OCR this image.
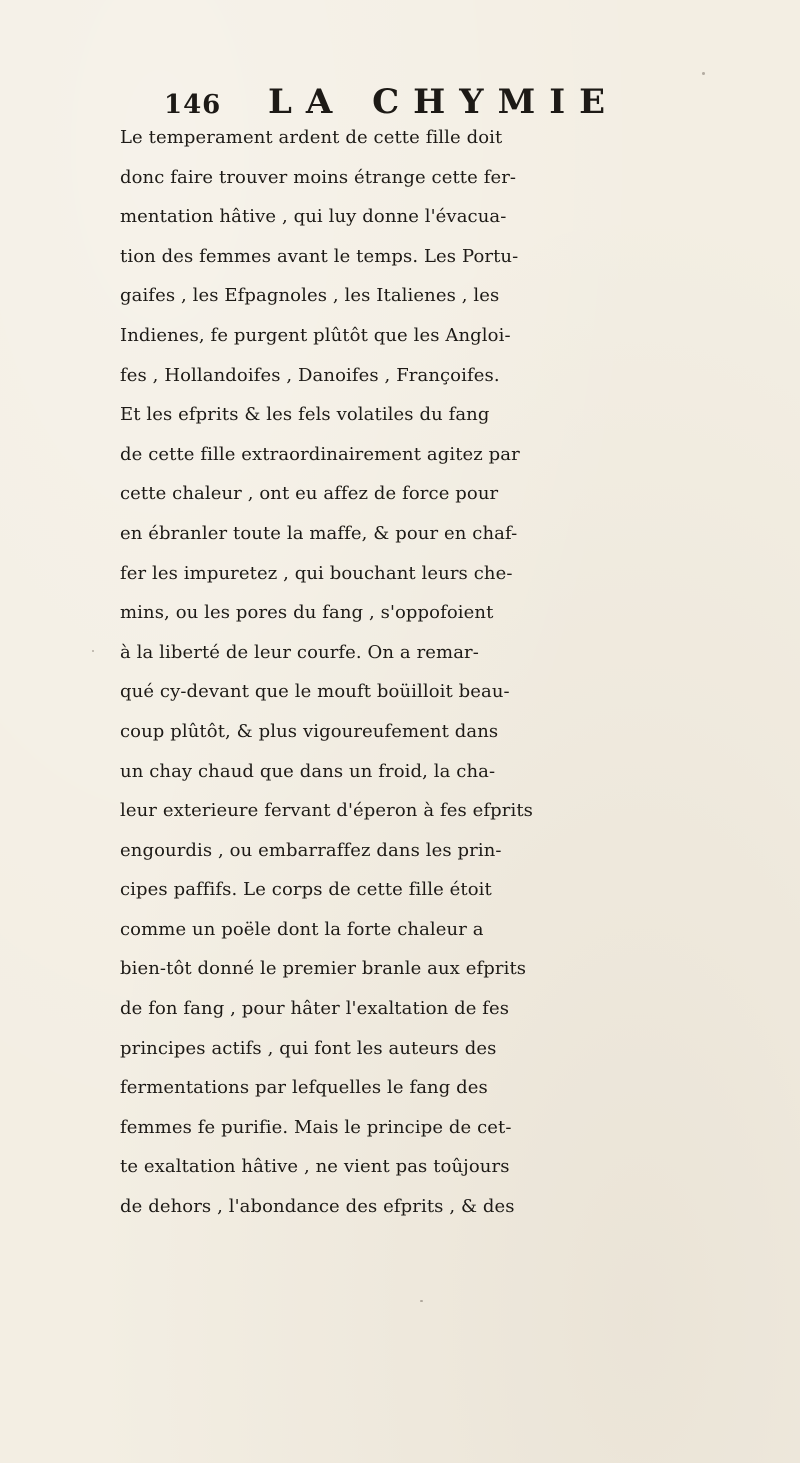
146 LA CHYMIE
Le temperament ardent de cette fille doit
donc faire trouver moins étrange cette fer-
mentation hâtive , qui luy donne l'évacua-
tion des femmes avant le temps. Les Portu-
gaifes , les Efpagnoles , les Italienes , les
Indienes, fe purgent plûtôt que les Angloi-
fes , Hollandoifes , Danoifes , Françoifes.
Et les efprits & les fels volatiles du fang
de cette fille extraordinairement agitez par
cette chaleur , ont eu affez de force pour
en ébranler toute la maffe, & pour en chaf-
fer les impuretez , qui bouchant leurs che-
mins, ou les pores du fang , s'oppofoient
à la liberté de leur courfe. On a remar-
qué cy-devant que le mouft boüilloit beau-
coup plûtôt, & plus vigoureufement dans
un chay chaud que dans un froid, la cha-
leur exterieure fervant d'éperon à fes efprits
engourdis , ou embarraffez dans les prin-
cipes paffifs. Le corps de cette fille étoit
comme un poële dont la forte chaleur a
bien-tôt donné le premier branle aux efprits
de fon fang , pour hâter l'exaltation de fes
principes actifs , qui font les auteurs des
fermentations par lefquelles le fang des
femmes fe purifie. Mais le principe de cet-
te exaltation hâtive , ne vient pas toûjours
de dehors , l'abondance des efprits , & des
